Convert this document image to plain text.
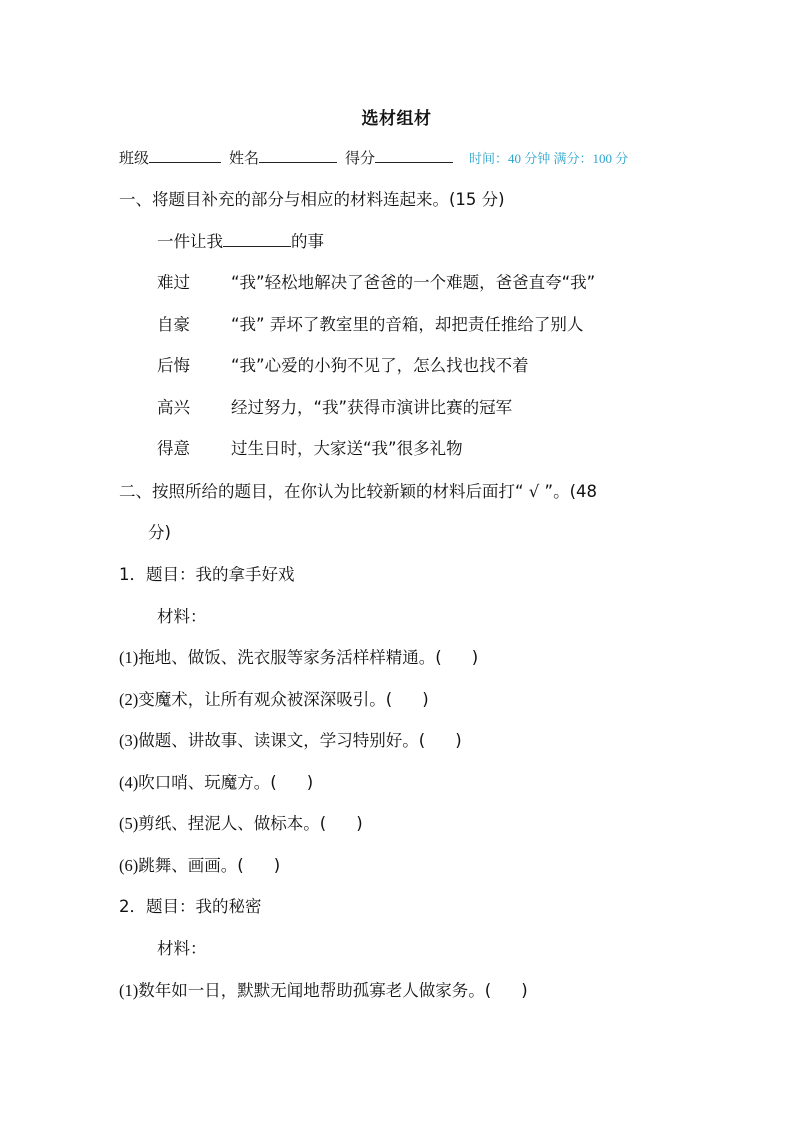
选材组材
班级	姓名	得分	时间：40 分钟 满分：100 分
一、将题目补充的部分与相应的材料连起来。(15 分)
一件让我	的事
难过 “我”轻松地解决了爸爸的一个难题，爸爸直夸“我”
自豪 “我” 弄坏了教室里的音箱，却把责任推给了别人
后悔 “我”心爱的小狗不见了，怎么找也找不着
高兴 经过努力，“我”获得市演讲比赛的冠军
得意 过生日时，大家送“我”很多礼物
二、按照所给的题目，在你认为比较新颖的材料后面打“ √ ”。(48
分)
1．题目：我的拿手好戏
材料：
(1)拖地、做饭、洗衣服等家务活样样精通。( )
(2)变魔术，让所有观众被深深吸引。( )
(3)做题、讲故事、读课文，学习特别好。( )
(4)吹口哨、玩魔方。( )
(5)剪纸、捏泥人、做标本。( )
(6)跳舞、画画。( )
2．题目：我的秘密
材料：
(1)数年如一日，默默无闻地帮助孤寡老人做家务。( )
